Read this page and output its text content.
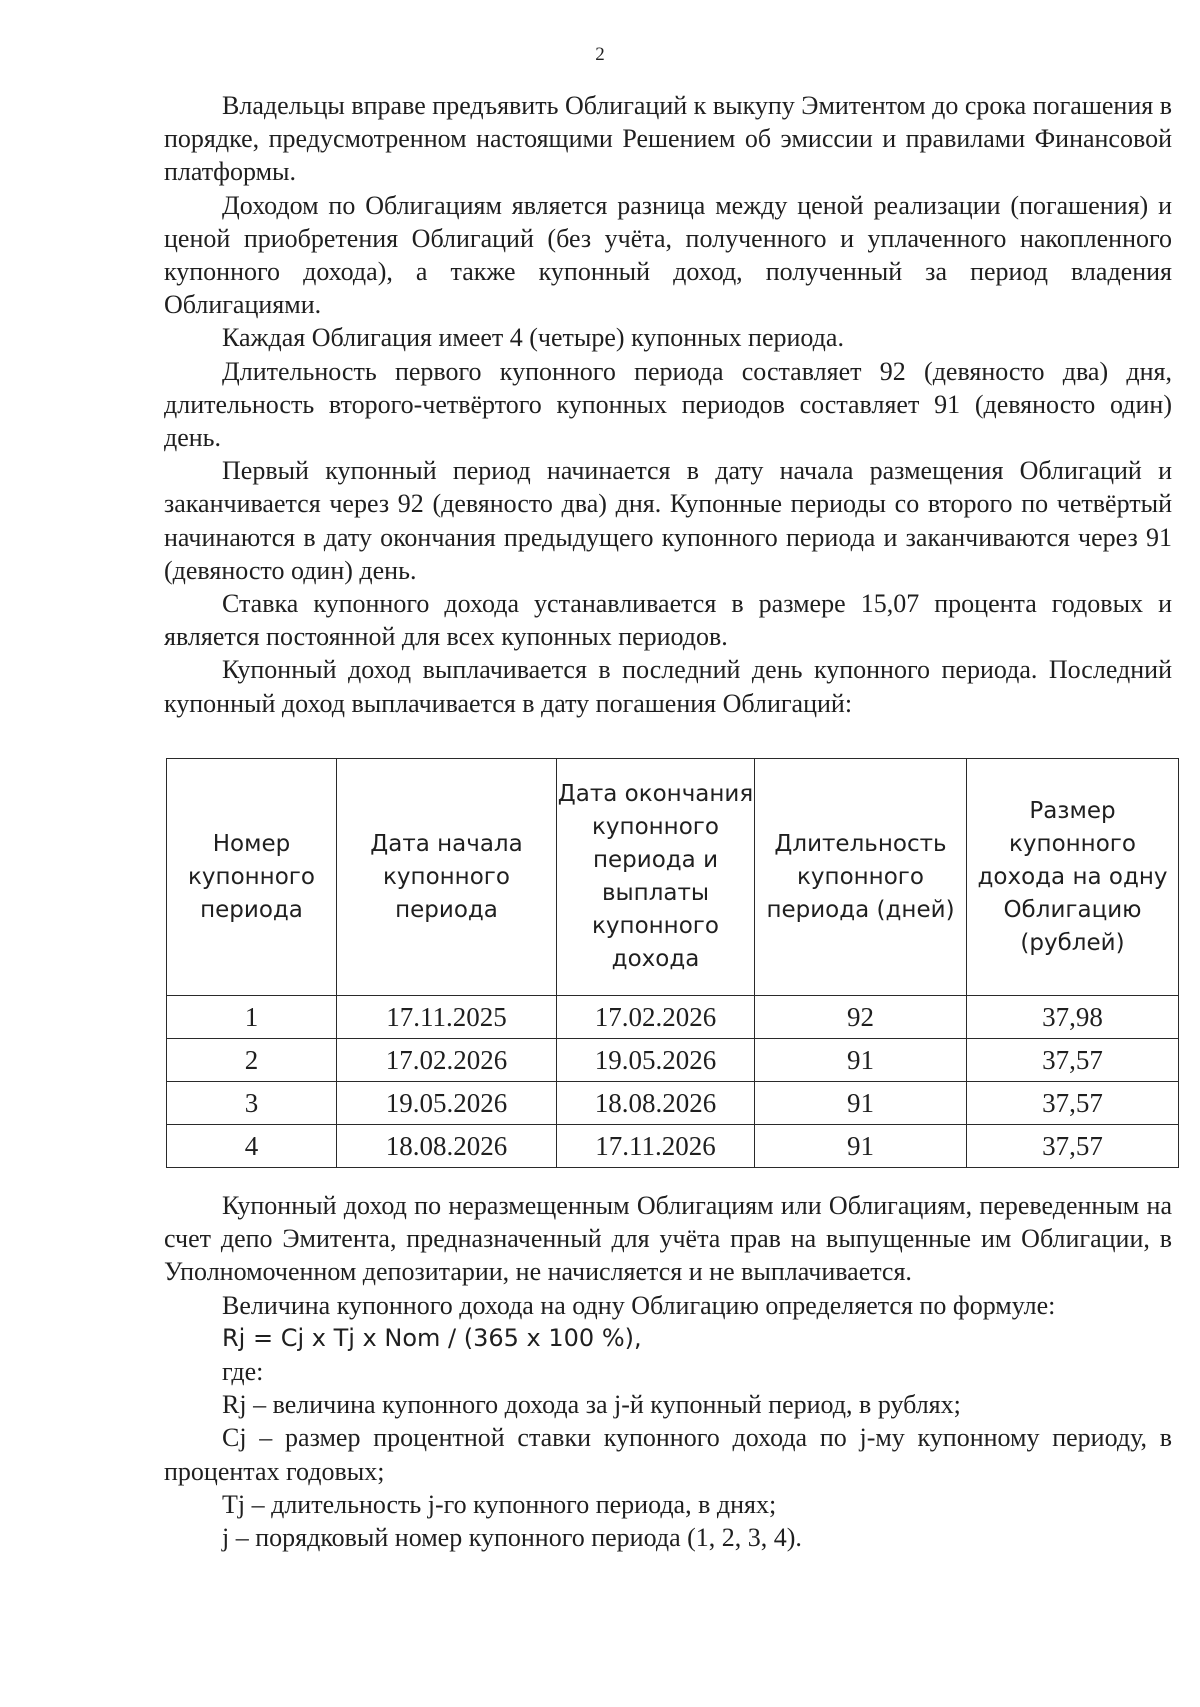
2

Владельцы вправе предъявить Облигаций к выкупу Эмитентом до срока погашения в порядке, предусмотренном настоящими Решением об эмиссии и правилами Финансовой платформы.

Доходом по Облигациям является разница между ценой реализации (погашения) и ценой приобретения Облигаций (без учёта, полученного и уплаченного накопленного купонного дохода), а также купонный доход, полученный за период владения Облигациями.

Каждая Облигация имеет 4 (четыре) купонных периода.

Длительность первого купонного периода составляет 92 (девяносто два) дня, длительность второго-четвёртого купонных периодов составляет 91 (девяносто один) день.

Первый купонный период начинается в дату начала размещения Облигаций и заканчивается через 92 (девяносто два) дня. Купонные периоды со второго по четвёртый начинаются в дату окончания предыдущего купонного периода и заканчиваются через 91 (девяносто один) день.

Ставка купонного дохода устанавливается в размере 15,07 процента годовых и является постоянной для всех купонных периодов.

Купонный доход выплачивается в последний день купонного периода. Последний купонный доход выплачивается в дату погашения Облигаций:

Номер купонного периода	Дата начала купонного периода	Дата окончания купонного периода и выплаты купонного дохода	Длительность купонного периода (дней)	Размер купонного дохода на одну Облигацию (рублей)
1	17.11.2025	17.02.2026	92	37,98
2	17.02.2026	19.05.2026	91	37,57
3	19.05.2026	18.08.2026	91	37,57
4	18.08.2026	17.11.2026	91	37,57

Купонный доход по неразмещенным Облигациям или Облигациям, переведенным на счет депо Эмитента, предназначенный для учёта прав на выпущенные им Облигации, в Уполномоченном депозитарии, не начисляется и не выплачивается.

Величина купонного дохода на одну Облигацию определяется по формуле:

Rj = Cj x Tj x Nom / (365 x 100 %),

где:

Rj – величина купонного дохода за j-й купонный период, в рублях;

Cj – размер процентной ставки купонного дохода по j-му купонному периоду, в процентах годовых;

Tj – длительность j-го купонного периода, в днях;

j – порядковый номер купонного периода (1, 2, 3, 4).
